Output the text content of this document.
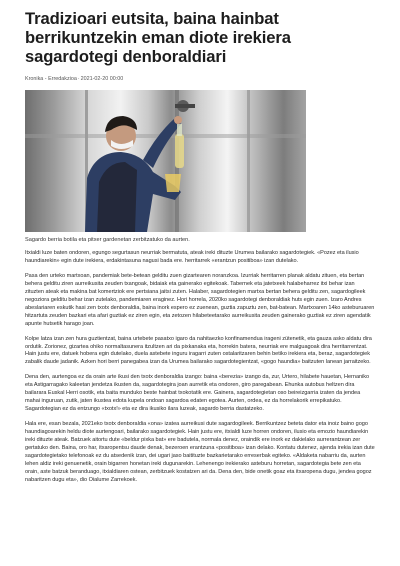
Tradizioari eutsita, baina hainbat berrikuntzekin eman diote irekiera sagardotegi denboraldiari
Kronika - Erredakzioa·2021-02-20 00:00
Sagardo berria botila eta pitxer gardenetan zerbitzatuko da aurten.

Itxialdi luze baten ondoren, egungo segurtasun neurriak bermatuta, ateak ireki dituzte Urumea bailarako sagardotegiek. «Pozez eta ilusio haundiarekin» egin dute irekiera, erdakintasuna nagusi bada ere. herritarrek «erantzun positiboa» izan dutelako.

Pasa den urteko martxoan, pandemiak bete-betean gelditu zuen gizartearen noranzkoa. Izurriak herritarren planak aldatu zituen, eta bertan behera gelditu ziren aurreikusita zeuden txangoak, bidaiak eta gainerako egitekoak. Tabernek eta jatetxeek halabeharrez itxi behar izan zituzten ateak eta makina bat komertziok ere pertsiana jaitsi zuten. Halaber, sagardotegien martxa bertan behera gelditu zen, sagardogileek negoziora gelditu behar izan zutelako, pandemiaren eraginez. Hori horrela, 2020ko sagardotegi denboraldiak huts egin zuen. Izaro Andres abeslariaren eskutik hasi zen txotx denboraldia, baina inork espero ez zuenean, guztia zapuztu zen, bat-batean. Martxoaren 14ko asteburuaren hitzartuta zeuden bazkari eta afari guztiak ez ziren egin, eta zetozen hilabeteetarako aurreikusita zeuden gainerako guztiak ez ziren agendatik apunte hutsetik harago joan.

Kolpe latza izan zen hura guztientzat, baina urtebete pasatxo igaro da nahitaezko konfinamendua irageni zütenetik, eta gauza asko aldatu dira ordutik. Zorionez, gizartea ohiko normaltasunera itzultzen ari da pixkanaka eta, horrekin batera, neurriak ere malguagoak dira herritarrentzat. Hain justu ere, datuek hobera egin dutelako, duela astebete inguru iragarri zuten ostalaritzaren behin betiko irekiera eta, beraz, sagardotegiek zabalik daude jadanik. Azken hori berri panegabea izan da Urumea bailarako sagardotegientzat, «gogo haundia» baitzuten lanean jarraitzeko.

Dena den, aurtengoa ez da orain arte ikusi den txotx denboraldia izango: baina «bereziа» izango da, zur, Urtero, hilabete hauetan, Hernaniko eta Astigarragako kaleetan jendetza ikusten da, sagardotegira joan aurretik eta ondoren, giro paregabean. Ehunka autobus heltzen dira bailarara Euskal Herri osotik, eta baita munduko beste hainbat txokotatik ere. Gainera, sagardotegietan oso beireizgarria izaten da jendea mahai inguruan, zutik, jaten ikustea edota kupela ondoan sagardoa edaten egotea. Aurten, ordea, ez da horrelakorik errepikatuko. Sagardotegian ez da entzungo «txotx!» eta ez dira ikusiko ilara luzeak, sagardo berria dastatzeko.

Hala ere, esan bezala, 2021eko txotx denboraldia «ona» izatea aurreikusi dute sagardogileek. Berrikuntzez beteta dator eta inoiz baino gogo haundiagoarekin heldu diote aurtengoari, bailarako sagardotegiek. Hain justu ere, itxialdi luze horren ondoren, ilusio eta emozio haundiarekin ireki dituzte ateak. Batzuek aitortu dute «beldur pixka bat» ere badutela, normala denez, oraindik ere inork ez dakielako aurrerantzean zer gertatuko den. Baina, oro har, itxaropentsu daude denak, bezeroen erantzuna «positiboa» izan delako. Kontatu dutenez, ajenda irekia izan dute sagardotegietako telefonoak ez du atsedenik izan, dei ugari jaso baitituzte bazkarietarako erreserbak egiteko. «Aldaketa nabarriu da, aurten lehen aldiz ireki genuenetik, orain bigarren honetan ireki dugunarekin. Lehenengo irekierako asteburu horretan, sagardotegia bete zen eta orain, aste batzuk beranduago, itxialdiaren ostean, zerbitzuek kostatzen ari da. Dena den, bide onetik goaz eta itxaropena dugu, jendea gogoz nabaritzen dugu eta», dio Oialume Zarrekoek.
